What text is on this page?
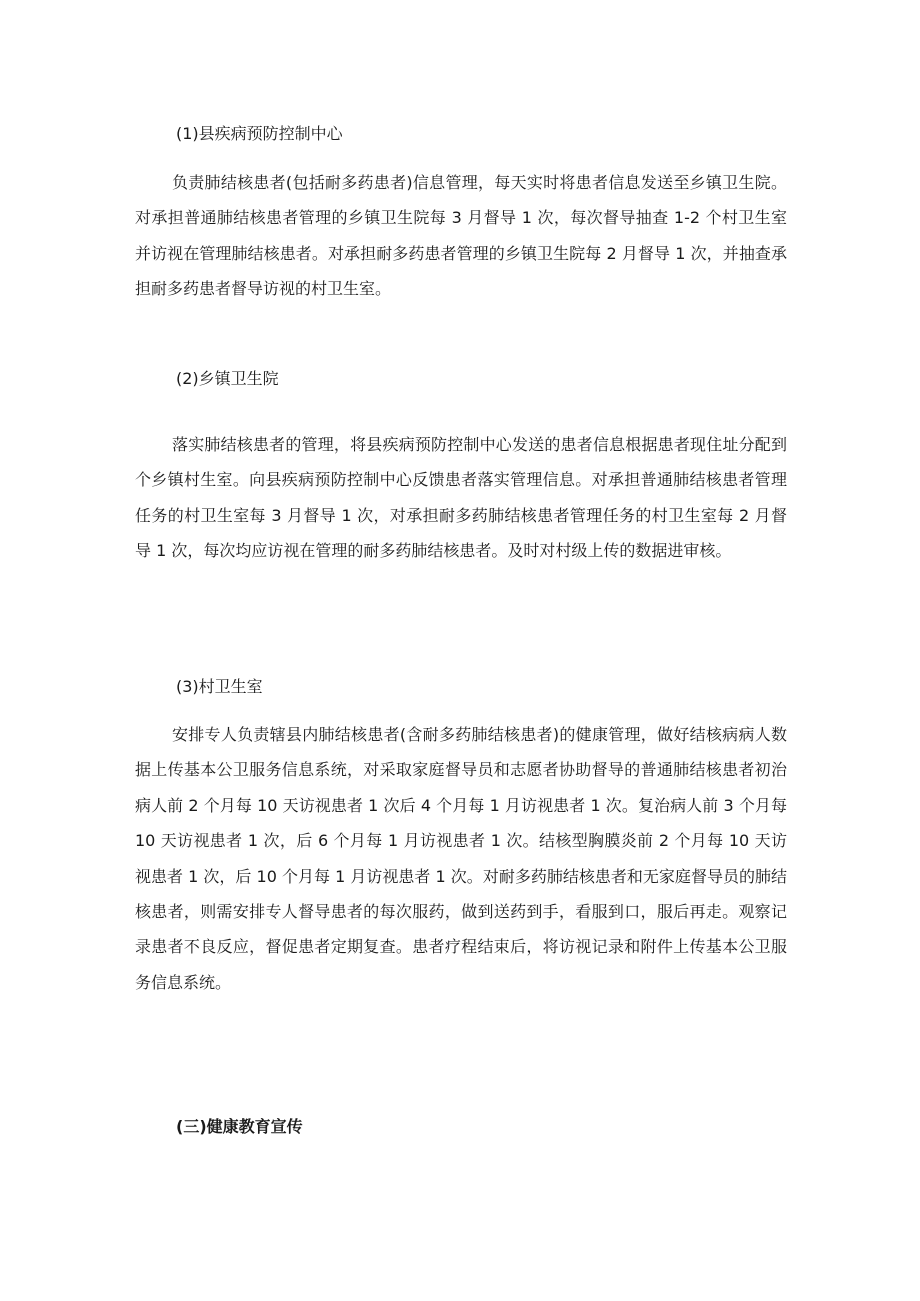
(1)县疾病预防控制中心

负责肺结核患者(包括耐多药患者)信息管理，每天实时将患者信息发送至乡镇卫生院。对承担普通肺结核患者管理的乡镇卫生院每 3 月督导 1 次，每次督导抽查 1-2 个村卫生室并访视在管理肺结核患者。对承担耐多药患者管理的乡镇卫生院每 2 月督导 1 次，并抽查承担耐多药患者督导访视的村卫生室。

(2)乡镇卫生院

落实肺结核患者的管理，将县疾病预防控制中心发送的患者信息根据患者现住址分配到个乡镇村生室。向县疾病预防控制中心反馈患者落实管理信息。对承担普通肺结核患者管理任务的村卫生室每 3 月督导 1 次，对承担耐多药肺结核患者管理任务的村卫生室每 2 月督导 1 次，每次均应访视在管理的耐多药肺结核患者。及时对村级上传的数据进审核。

(3)村卫生室

安排专人负责辖县内肺结核患者(含耐多药肺结核患者)的健康管理，做好结核病病人数据上传基本公卫服务信息系统，对采取家庭督导员和志愿者协助督导的普通肺结核患者初治病人前 2 个月每 10 天访视患者 1 次后 4 个月每 1 月访视患者 1 次。复治病人前 3 个月每 10 天访视患者 1 次，后 6 个月每 1 月访视患者 1 次。结核型胸膜炎前 2 个月每 10 天访视患者 1 次，后 10 个月每 1 月访视患者 1 次。对耐多药肺结核患者和无家庭督导员的肺结核患者，则需安排专人督导患者的每次服药，做到送药到手，看服到口，服后再走。观察记录患者不良反应，督促患者定期复查。患者疗程结束后，将访视记录和附件上传基本公卫服务信息系统。

(三)健康教育宣传
